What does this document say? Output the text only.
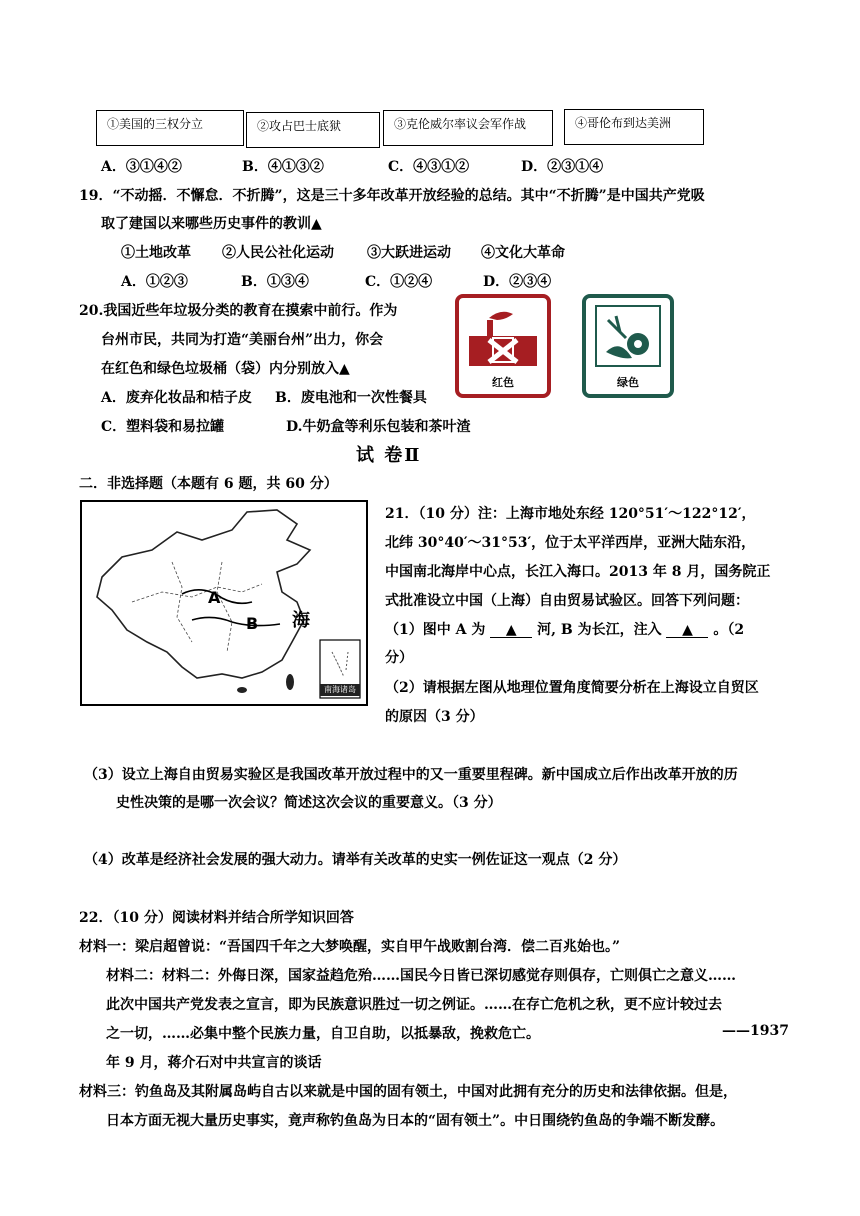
①美国的三权分立	②攻占巴士底狱	③克伦威尔率议会军作战	④哥伦布到达美洲
A．③①④②	B．④①③②	C．④③①②	D．②③①④
19．“不动摇．不懈怠．不折腾”，这是三十多年改革开放经验的总结。其中“不折腾”是中国共产党吸
取了建国以来哪些历史事件的教训▲
①土地改革 ②人民公社化运动 ③大跃进运动 ④文化大革命
A．①②③	B．①③④	C．①②④	D．②③④
20.我国近些年垃圾分类的教育在摸索中前行。作为
台州市民，共同为打造“美丽台州”出力，你会
在红色和绿色垃圾桶（袋）内分别放入▲
A．废弃化妆品和桔子皮 B．废电池和一次性餐具
C．塑料袋和易拉罐	D.牛奶盒等利乐包装和茶叶渣
红色	绿色
试 卷Ⅱ
二．非选择题（本题有 6 题，共 60 分）
A
B 海
南海诸岛
21．（10 分）注：上海市地处东经 120°51′～122°12′，
北纬 30°40′～31°53′，位于太平洋西岸，亚洲大陆东沿，
中国南北海岸中心点，长江入海口。2013 年 8 月，国务院正
式批准设立中国（上海）自由贸易试验区。回答下列问题：
（1）图中 A 为 ▲ 河, B 为长江，注入 ▲ 。（2
分）
（2）请根据左图从地理位置角度简要分析在上海设立自贸区
的原因（3 分）
（3）设立上海自由贸易实验区是我国改革开放过程中的又一重要里程碑。新中国成立后作出改革开放的历
史性决策的是哪一次会议？简述这次会议的重要意义。（3 分）
（4）改革是经济社会发展的强大动力。请举有关改革的史实一例佐证这一观点（2 分）
22．（10 分）阅读材料并结合所学知识回答
材料一：梁启超曾说：“吾国四千年之大梦唤醒，实自甲午战败割台湾．偿二百兆始也。”
材料二：材料二：外侮日深，国家益趋危殆……国民今日皆已深切感觉存则俱存，亡则俱亡之意义……
此次中国共产党发表之宣言，即为民族意识胜过一切之例证。……在存亡危机之秋，更不应计较过去
之一切，……必集中整个民族力量，自卫自助，以抵暴敌，挽救危亡。	——1937
年 9 月，蒋介石对中共宣言的谈话
材料三：钓鱼岛及其附属岛屿自古以来就是中国的固有领土，中国对此拥有充分的历史和法律依据。但是，
日本方面无视大量历史事实，竟声称钓鱼岛为日本的“固有领土”。中日围绕钓鱼岛的争端不断发酵。
